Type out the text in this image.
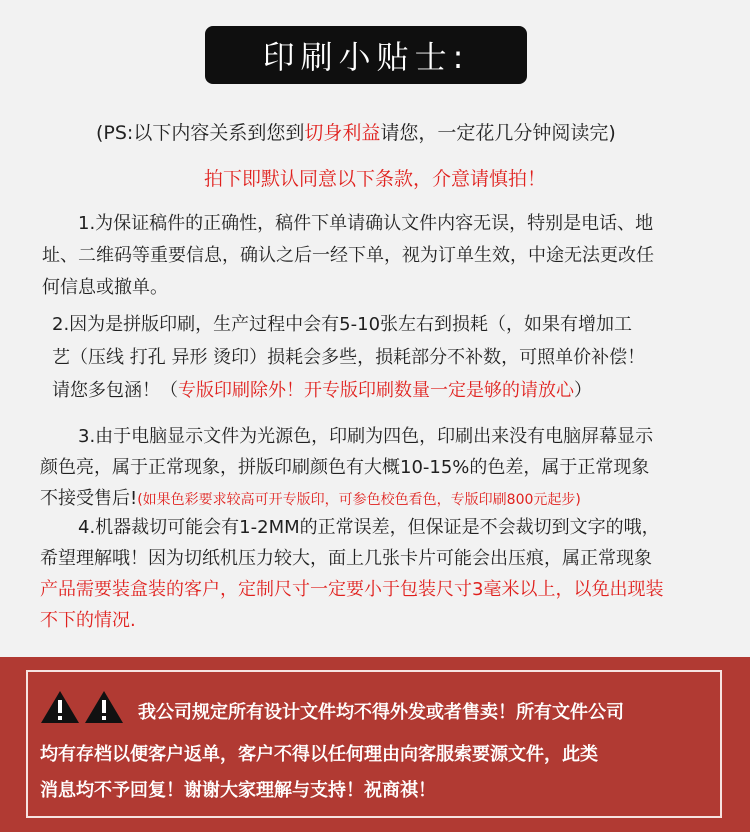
印刷小贴士:
(PS:以下内容关系到您到切身利益请您，一定花几分钟阅读完)
拍下即默认同意以下条款，介意请慎拍！
1.为保证稿件的正确性，稿件下单请确认文件内容无误，特别是电话、地
址、二维码等重要信息，确认之后一经下单，视为订单生效，中途无法更改任
何信息或撤单。
2.因为是拼版印刷，生产过程中会有5-10张左右到损耗（，如果有增加工
艺（压线 打孔 异形 烫印）损耗会多些，损耗部分不补数，可照单价补偿！
请您多包涵！（专版印刷除外！开专版印刷数量一定是够的请放心）
3.由于电脑显示文件为光源色，印刷为四色，印刷出来没有电脑屏幕显示
颜色亮，属于正常现象，拼版印刷颜色有大概10-15%的色差，属于正常现象
不接受售后!(如果色彩要求较高可开专版印，可参色校色看色，专版印刷800元起步)
4.机器裁切可能会有1-2MM的正常误差，但保证是不会裁切到文字的哦，
希望理解哦！因为切纸机压力较大，面上几张卡片可能会出压痕，属正常现象
产品需要装盒装的客户，定制尺寸一定要小于包装尺寸3毫米以上，以免出现装
不下的情况.
我公司规定所有设计文件均不得外发或者售卖！所有文件公司
均有存档以便客户返单，客户不得以任何理由向客服索要源文件，此类
消息均不予回复！谢谢大家理解与支持！祝商祺！
